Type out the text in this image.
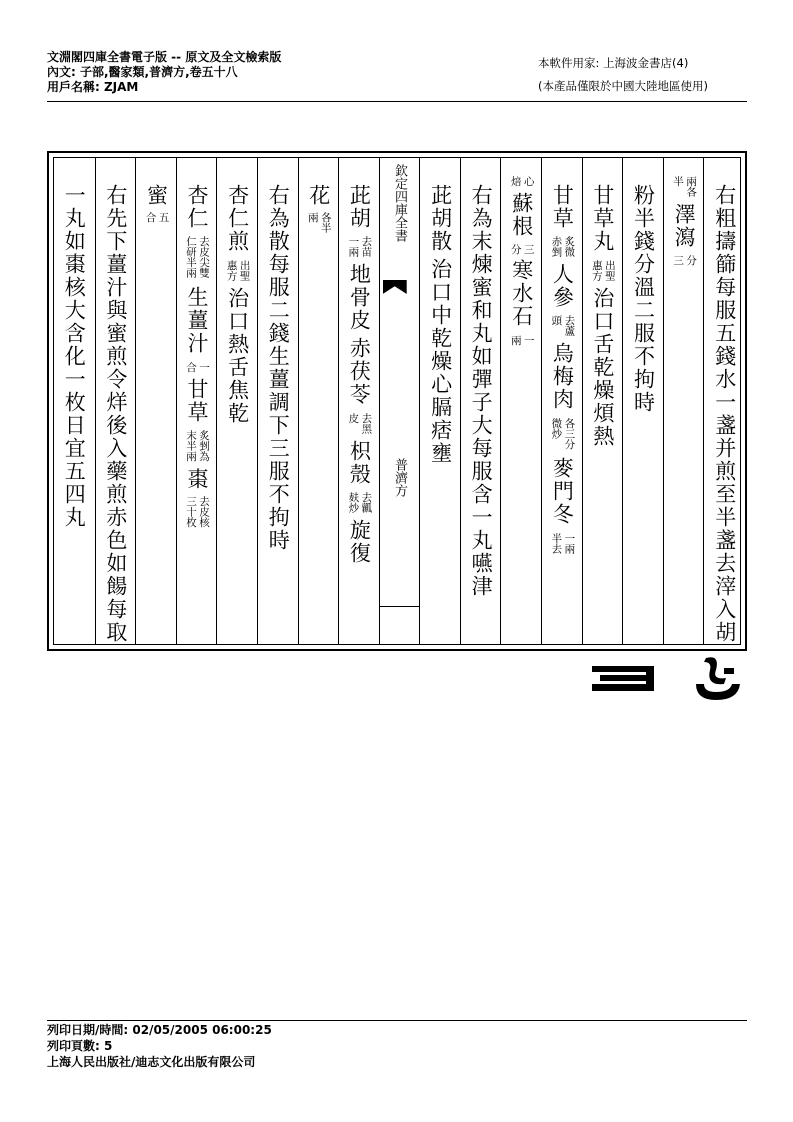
文淵閣四庫全書電子版 -- 原文及全文檢索版
內文: 子部,醫家類,普濟方,卷五十八
用戶名稱: ZJAM
本軟件用家: 上海波金書店(4)
(本產品僅限於中國大陸地區使用)
右粗擣篩每服五錢水一盞并煎至半盞去滓入胡
兩各
半
澤瀉
分
三
粉半錢分溫二服不拘時
甘草丸
出聖
惠方
治口舌乾燥煩熱
甘草
炙微
赤剉
人參
去蘆
頭
烏梅肉
各三分
微炒
麥門冬
一兩
半去
心
焙
蘇根
三
分
寒水石
一
兩
右為末煉蜜和丸如彈子大每服含一丸嚥津
茈胡散
治口中乾燥心膈痞壅
欽定四庫全書
普濟方
茈胡
去苗
一兩
地骨皮
赤茯苓
去黑
皮
枳殼
去瓤
麸炒
旋復
花
各半
兩
右為散每服二錢生薑調下三服不拘時
杏仁煎
出聖
惠方
治口熱舌焦乾
杏仁
去皮尖雙
仁研半兩
生薑汁
一
合
甘草
炙剉為
末半兩
棗
去皮核
三十枚
蜜
五
合
右先下薑汁與蜜煎令烊後入藥煎赤色如餳每取
一丸如棗核大含化一枚日宜五四丸
列印日期/時間: 02/05/2005 06:00:25
列印頁數: 5
上海人民出版社/迪志文化出版有限公司
